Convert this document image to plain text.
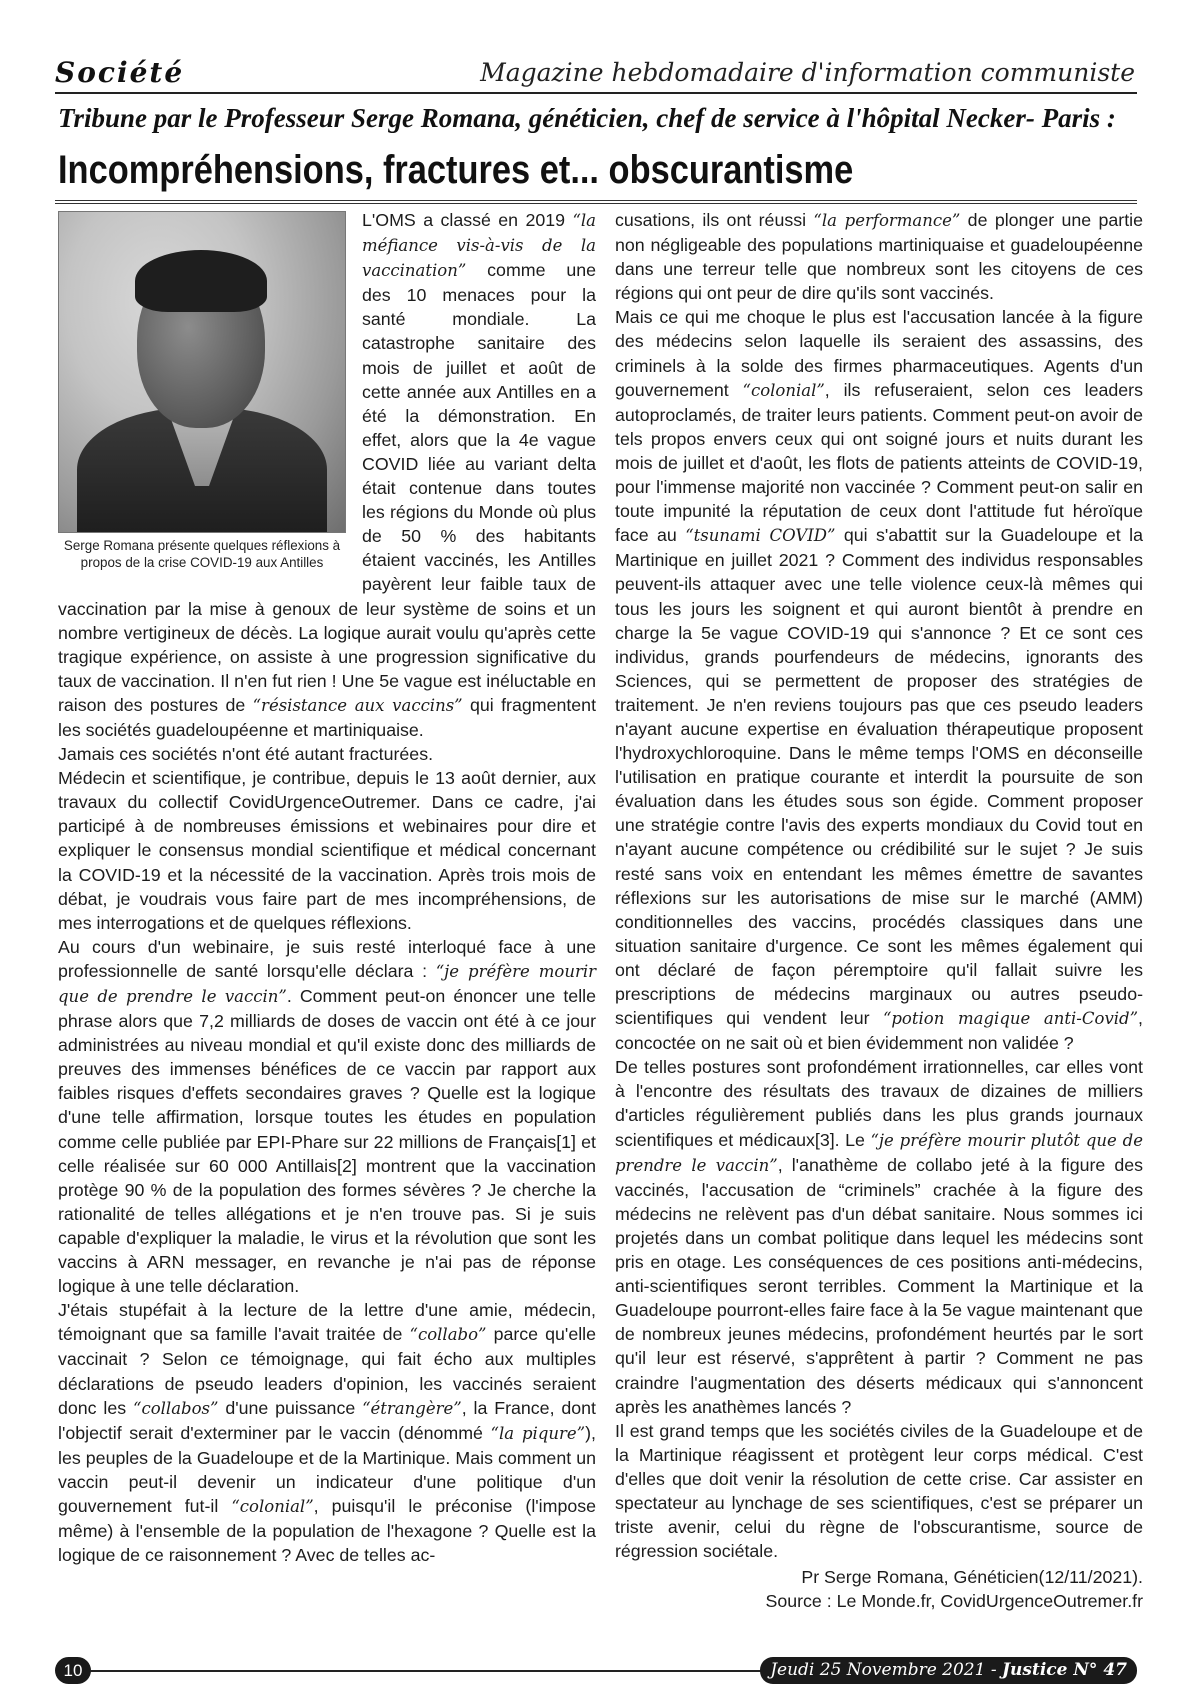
Société	Magazine hebdomadaire d'information communiste
Tribune par le Professeur Serge Romana, généticien, chef de service à l'hôpital Necker- Paris :
Incompréhensions, fractures et... obscurantisme
Serge Romana présente quelques réflexions à propos de la crise COVID-19 aux Antilles

L'OMS a classé en 2019 “la méfiance vis-à-vis de la vaccination” comme une des 10 menaces pour la santé mondiale. La catastrophe sanitaire des mois de juillet et août de cette année aux Antilles en a été la démonstration. En effet, alors que la 4e vague COVID liée au variant delta était contenue dans toutes les régions du Monde où plus de 50 % des habitants étaient vaccinés, les Antilles payèrent leur faible taux de vaccination par la mise à genoux de leur système de soins et un nombre vertigineux de décès. La logique aurait voulu qu'après cette tragique expérience, on assiste à une progression significative du taux de vaccination. Il n'en fut rien ! Une 5e vague est inéluctable en raison des postures de “résistance aux vaccins” qui fragmentent les sociétés guadeloupéenne et martiniquaise.

Jamais ces sociétés n'ont été autant fracturées.

Médecin et scientifique, je contribue, depuis le 13 août dernier, aux travaux du collectif CovidUrgenceOutremer. Dans ce cadre, j'ai participé à de nombreuses émissions et webinaires pour dire et expliquer le consensus mondial scientifique et médical concernant la COVID-19 et la nécessité de la vaccination. Après trois mois de débat, je voudrais vous faire part de mes incompréhensions, de mes interrogations et de quelques réflexions.

Au cours d'un webinaire, je suis resté interloqué face à une professionnelle de santé lorsqu'elle déclara : “je préfère mourir que de prendre le vaccin”. Comment peut-on énoncer une telle phrase alors que 7,2 milliards de doses de vaccin ont été à ce jour administrées au niveau mondial et qu'il existe donc des milliards de preuves des immenses bénéfices de ce vaccin par rapport aux faibles risques d'effets secondaires graves ? Quelle est la logique d'une telle affirmation, lorsque toutes les études en population comme celle publiée par EPI-Phare sur 22 millions de Français[1] et celle réalisée sur 60 000 Antillais[2] montrent que la vaccination protège 90 % de la population des formes sévères ? Je cherche la rationalité de telles allégations et je n'en trouve pas. Si je suis capable d'expliquer la maladie, le virus et la révolution que sont les vaccins à ARN messager, en revanche je n'ai pas de réponse logique à une telle déclaration.

J'étais stupéfait à la lecture de la lettre d'une amie, médecin, témoignant que sa famille l'avait traitée de “collabo” parce qu'elle vaccinait ? Selon ce témoignage, qui fait écho aux multiples déclarations de pseudo leaders d'opinion, les vaccinés seraient donc les “collabos” d'une puissance “étrangère”, la France, dont l'objectif serait d'exterminer par le vaccin (dénommé “la piqure”), les peuples de la Guadeloupe et de la Martinique. Mais comment un vaccin peut-il devenir un indicateur d'une politique d'un gouvernement fut-il “colonial”, puisqu'il le préconise (l'impose même) à l'ensemble de la population de l'hexagone ? Quelle est la logique de ce raisonnement ? Avec de telles ac-

cusations, ils ont réussi “la performance” de plonger une partie non négligeable des populations martiniquaise et guadeloupéenne dans une terreur telle que nombreux sont les citoyens de ces régions qui ont peur de dire qu'ils sont vaccinés.

Mais ce qui me choque le plus est l'accusation lancée à la figure des médecins selon laquelle ils seraient des assassins, des criminels à la solde des firmes pharmaceutiques. Agents d'un gouvernement “colonial”, ils refuseraient, selon ces leaders autoproclamés, de traiter leurs patients. Comment peut-on avoir de tels propos envers ceux qui ont soigné jours et nuits durant les mois de juillet et d'août, les flots de patients atteints de COVID-19, pour l'immense majorité non vaccinée ? Comment peut-on salir en toute impunité la réputation de ceux dont l'attitude fut héroïque face au “tsunami COVID” qui s'abattit sur la Guadeloupe et la Martinique en juillet 2021 ? Comment des individus responsables peuvent-ils attaquer avec une telle violence ceux-là mêmes qui tous les jours les soignent et qui auront bientôt à prendre en charge la 5e vague COVID-19 qui s'annonce ? Et ce sont ces individus, grands pourfendeurs de médecins, ignorants des Sciences, qui se permettent de proposer des stratégies de traitement. Je n'en reviens toujours pas que ces pseudo leaders n'ayant aucune expertise en évaluation thérapeutique proposent l'hydroxychloroquine. Dans le même temps l'OMS en déconseille l'utilisation en pratique courante et interdit la poursuite de son évaluation dans les études sous son égide. Comment proposer une stratégie contre l'avis des experts mondiaux du Covid tout en n'ayant aucune compétence ou crédibilité sur le sujet ? Je suis resté sans voix en entendant les mêmes émettre de savantes réflexions sur les autorisations de mise sur le marché (AMM) conditionnelles des vaccins, procédés classiques dans une situation sanitaire d'urgence. Ce sont les mêmes également qui ont déclaré de façon péremptoire qu'il fallait suivre les prescriptions de médecins marginaux ou autres pseudo-scientifiques qui vendent leur “potion magique anti-Covid”, concoctée on ne sait où et bien évidemment non validée ?

De telles postures sont profondément irrationnelles, car elles vont à l'encontre des résultats des travaux de dizaines de milliers d'articles régulièrement publiés dans les plus grands journaux scientifiques et médicaux[3]. Le “je préfère mourir plutôt que de prendre le vaccin”, l'anathème de collabo jeté à la figure des vaccinés, l'accusation de “criminels” crachée à la figure des médecins ne relèvent pas d'un débat sanitaire. Nous sommes ici projetés dans un combat politique dans lequel les médecins sont pris en otage. Les conséquences de ces positions anti-médecins, anti-scientifiques seront terribles. Comment la Martinique et la Guadeloupe pourront-elles faire face à la 5e vague maintenant que de nombreux jeunes médecins, profondément heurtés par le sort qu'il leur est réservé, s'apprêtent à partir ? Comment ne pas craindre l'augmentation des déserts médicaux qui s'annoncent après les anathèmes lancés ?

Il est grand temps que les sociétés civiles de la Guadeloupe et de la Martinique réagissent et protègent leur corps médical. C'est d'elles que doit venir la résolution de cette crise. Car assister en spectateur au lynchage de ses scientifiques, c'est se préparer un triste avenir, celui du règne de l'obscurantisme, source de régression sociétale.

Pr Serge Romana, Généticien(12/11/2021).
Source : Le Monde.fr, CovidUrgenceOutremer.fr
10	Jeudi 25 Novembre 2021 - Justice N° 47
